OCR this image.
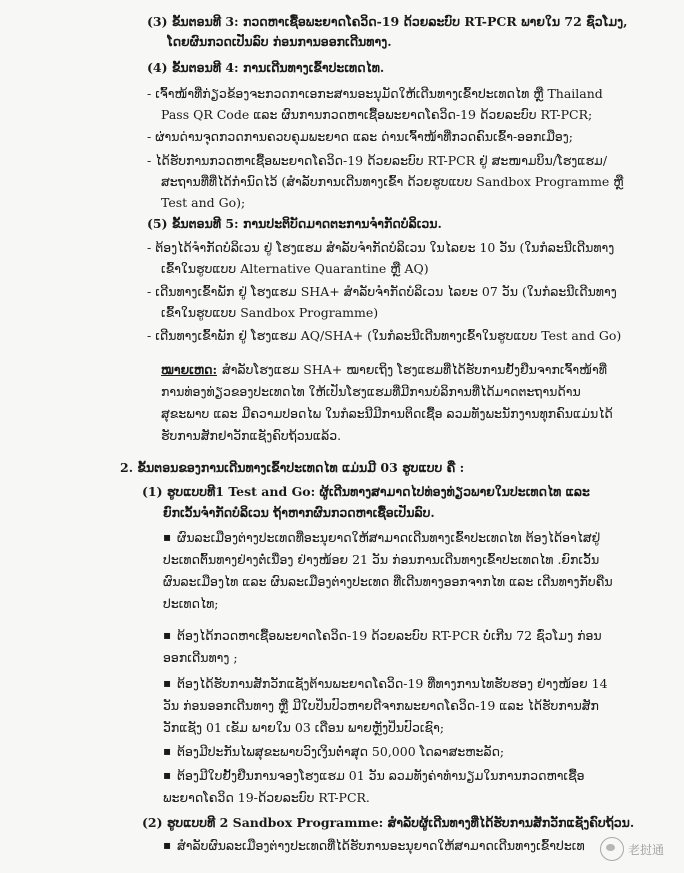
(3) ຂັ້ນຕອນທີ 3: ກວດຫາເຊື້ອພະຍາດໂຄວິດ-19 ດ້ວຍລະບົບ RT-PCR ພາຍໃນ 72 ຊົ່ວໂມງ,
ໂດຍຜົນກວດເປັນລົບ ກ່ອນການອອກເດີນທາງ.
(4) ຂັ້ນຕອນທີ 4: ການເດີນທາງເຂົ້າປະເທດໄທ.
- ເຈົ້າໜ້າທີ່ກ່ຽວຂ້ອງຈະກວດກາເອກະສານອະນຸມັດໃຫ້ເດີນທາງເຂົ້າປະເທດໄທ ຫຼື Thailand
Pass QR Code ແລະ ຜົນການກວດຫາເຊື້ອພະຍາດໂຄວິດ-19 ດ້ວຍລະບົບ RT-PCR;
- ຜ່ານດ່ານຈຸດກວດການຄວບຄຸມພະຍາດ ແລະ ດ່ານເຈົ້າໜ້າທີ່ກວດຄົນເຂົ້າ-ອອກເມືອງ;
- ໄດ້ຮັບການກວດຫາເຊື້ອພະຍາດໂຄວິດ-19 ດ້ວຍລະບົບ RT-PCR ຢູ່ ສະໜາມບິນ/ໂຮງແຮມ/
ສະຖານທີ່ທີ່ໄດ້ກຳນົດໄວ້ (ສຳລັບການເດີນທາງເຂົ້າ ດ້ວຍຮູບແບບ Sandbox Programme ຫຼື
Test and Go);
(5) ຂັ້ນຕອນທີ 5: ການປະຕິບັດມາດຕະການຈຳກັດບໍລິເວນ.
- ຕ້ອງໄດ້ຈຳກັດບໍລິເວນ ຢູ່ ໂຮງແຮມ ສຳລັບຈຳກັດບໍລິເວນ ໃນໄລຍະ 10 ວັນ (ໃນກໍລະນີເດີນທາງ
ເຂົ້າໃນຮູບແບບ Alternative Quarantine ຫຼື AQ)
- ເດີນທາງເຂົ້າພັກ ຢູ່ ໂຮງແຮມ SHA+ ສຳລັບຈຳກັດບໍລິເວນ ໄລຍະ 07 ວັນ (ໃນກໍລະນີເດີນທາງ
ເຂົ້າໃນຮູບແບບ Sandbox Programme)
- ເດີນທາງເຂົ້າພັກ ຢູ່ ໂຮງແຮມ AQ/SHA+ (ໃນກໍລະນີເດີນທາງເຂົ້າໃນຮູບແບບ Test and Go)
ໝາຍເຫດ: ສຳລັບໂຮງແຮມ SHA+ ໝາຍເຖິງ ໂຮງແຮມທີ່ໄດ້ຮັບການຢັ້ງຢືນຈາກເຈົ້າໜ້າທີ່
ການທ່ອງທ່ຽວຂອງປະເທດໄທ ໃຫ້ເປັນໂຮງແຮມທີ່ມີການບໍລິການທີ່ໄດ້ມາດຕະຖານດ້ານ
ສຸຂະພາບ ແລະ ມີຄວາມປອດໄພ ໃນກໍລະນີມີການຕິດເຊື້ອ ລວມທັງພະນັກງານທຸກຄົນແມ່ນໄດ້
ຮັບການສັກຢາວັກແຊັງຄົບຖ້ວນແລ້ວ.
2. ຂັ້ນຕອນຂອງການເດີນທາງເຂົ້າປະເທດໄທ ແມ່ນມີ 03 ຮູບແບບ ຄື :
(1) ຮູບແບບທີ1 Test and Go: ຜູ້ເດີນທາງສາມາດໄປທ່ອງທ່ຽວພາຍໃນປະເທດໄທ ແລະ
ຍົກເວັ້ນຈຳກັດບໍລິເວນ ຖ້າຫາກຜົນກວດຫາເຊື້ອເປັນລົບ.
▪ ຜົນລະເມືອງຕ່າງປະເທດທີ່ອະນຸຍາດໃຫ້ສາມາດເດີນທາງເຂົ້າປະເທດໄທ ຕ້ອງໄດ້ອາໄສຢູ່
ປະເທດຕົ້ນທາງຢ່າງຕໍ່ເນື່ອງ ຢ່າງໜ້ອຍ 21 ວັນ ກ່ອນການເດີນທາງເຂົ້າປະເທດໄທ .ຍົກເວັ້ນ
ຜົນລະເມືອງໄທ ແລະ ຜົນລະເມືອງຕ່າງປະເທດ ທີ່ເດີນທາງອອກຈາກໄທ ແລະ ເດີນທາງກັບຄືນ
ປະເທດໄທ;
▪ ຕ້ອງໄດ້ກວດຫາເຊື້ອພະຍາດໂຄວິດ-19 ດ້ວຍລະບົບ RT-PCR ບໍ່ເກີນ 72 ຊົ່ວໂມງ ກ່ອນ
ອອກເດີນທາງ ;
▪ ຕ້ອງໄດ້ຮັບການສັກວັກແຊັງຕ້ານພະຍາດໂຄວິດ-19 ທີ່ທາງການໄທຮັບຮອງ ຢ່າງໜ້ອຍ 14
ວັນ ກ່ອນອອກເດີນທາງ ຫຼື ມີໃບປິ່ນປົວຫາຍດີຈາກພະຍາດໂຄວິດ-19 ແລະ ໄດ້ຮັບການສັກ
ວັກແຊັງ 01 ເຂັມ ພາຍໃນ 03 ເດືອນ ພາຍຫຼັງປິ່ນປົວເຊົາ;
▪ ຕ້ອງມີປະກັນໄພສຸຂະພາບວົງເງິນຕ່ຳສຸດ 50,000 ໂດລາສະຫະລັດ;
▪ ຕ້ອງມີໃບຢັ້ງຢືນການຈອງໂຮງແຮມ 01 ວັນ ລວມທັງຄ່າທຳນຽມໃນການກວດຫາເຊື້ອ
ພະຍາດໂຄວິດ 19-ດ້ວຍລະບົບ RT-PCR.
(2) ຮູບແບບທີ 2 Sandbox Programme: ສຳລັບຜູ້ເດີນທາງທີ່ໄດ້ຮັບການສັກວັກແຊັງຄົບຖ້ວນ.
▪ ສຳລັບຜົນລະເມືອງຕ່າງປະເທດທີ່ໄດ້ຮັບການອະນຸຍາດໃຫ້ສາມາດເດີນທາງເຂົ້າປະເທ	老挝通
